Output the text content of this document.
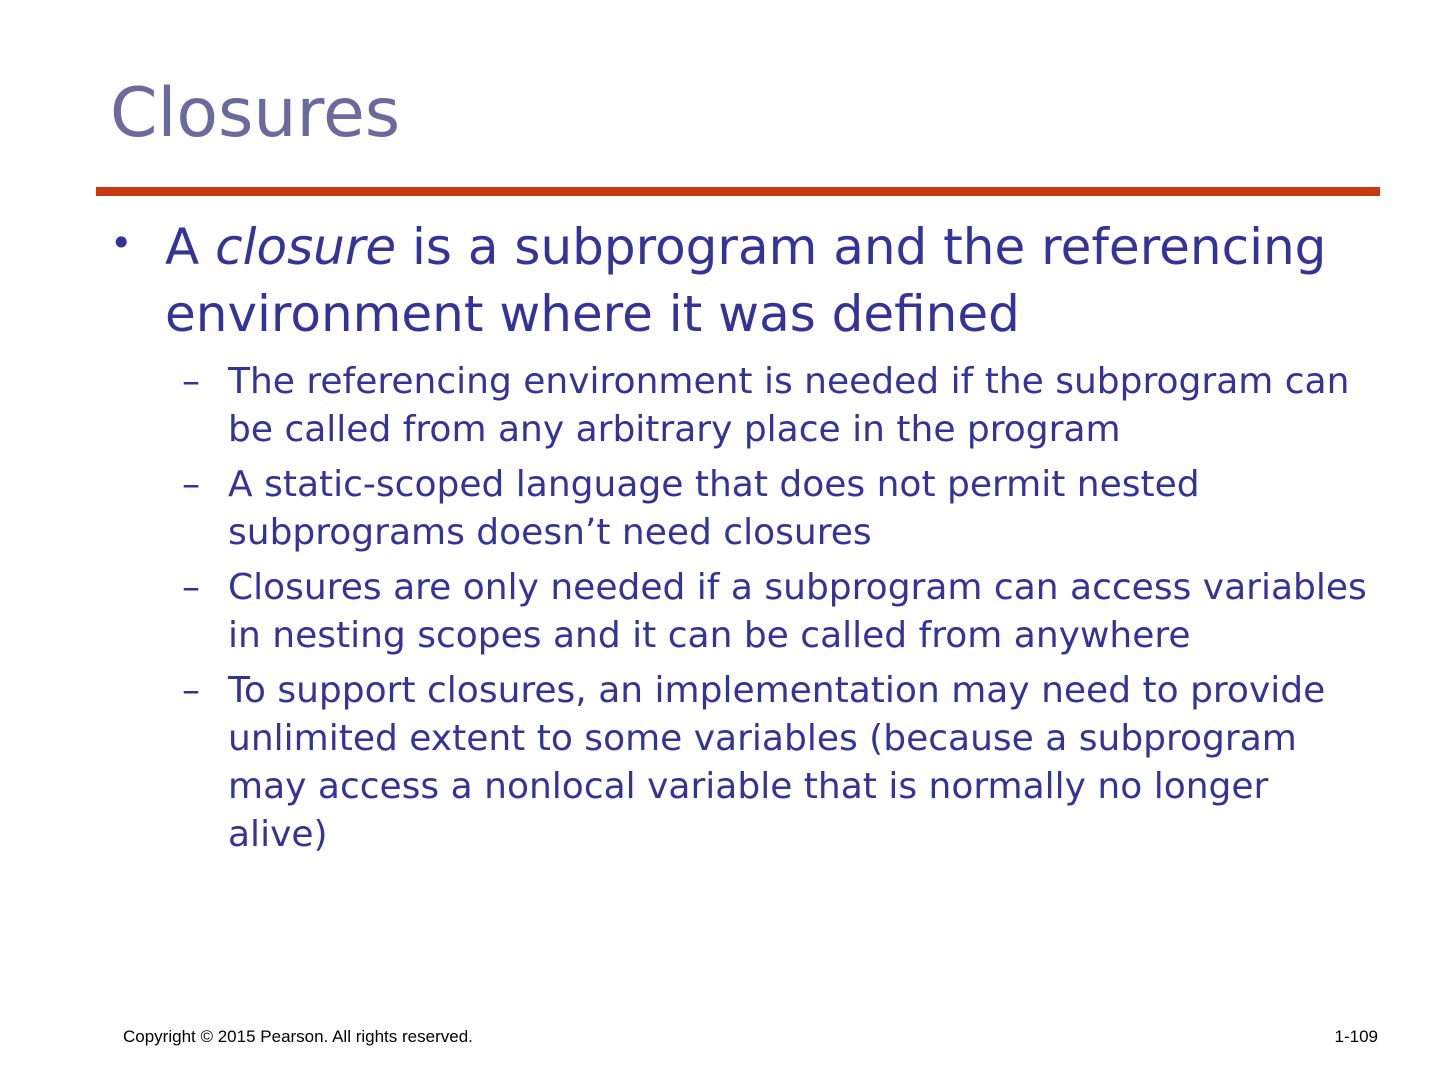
Closures
• A closure is a subprogram and the referencing environment where it was defined
– The referencing environment is needed if the subprogram can be called from any arbitrary place in the program
– A static-scoped language that does not permit nested subprograms doesn’t need closures
– Closures are only needed if a subprogram can access variables in nesting scopes and it can be called from anywhere
– To support closures, an implementation may need to provide unlimited extent to some variables (because a subprogram may access a nonlocal variable that is normally no longer alive)
Copyright © 2015 Pearson. All rights reserved.	1-109
